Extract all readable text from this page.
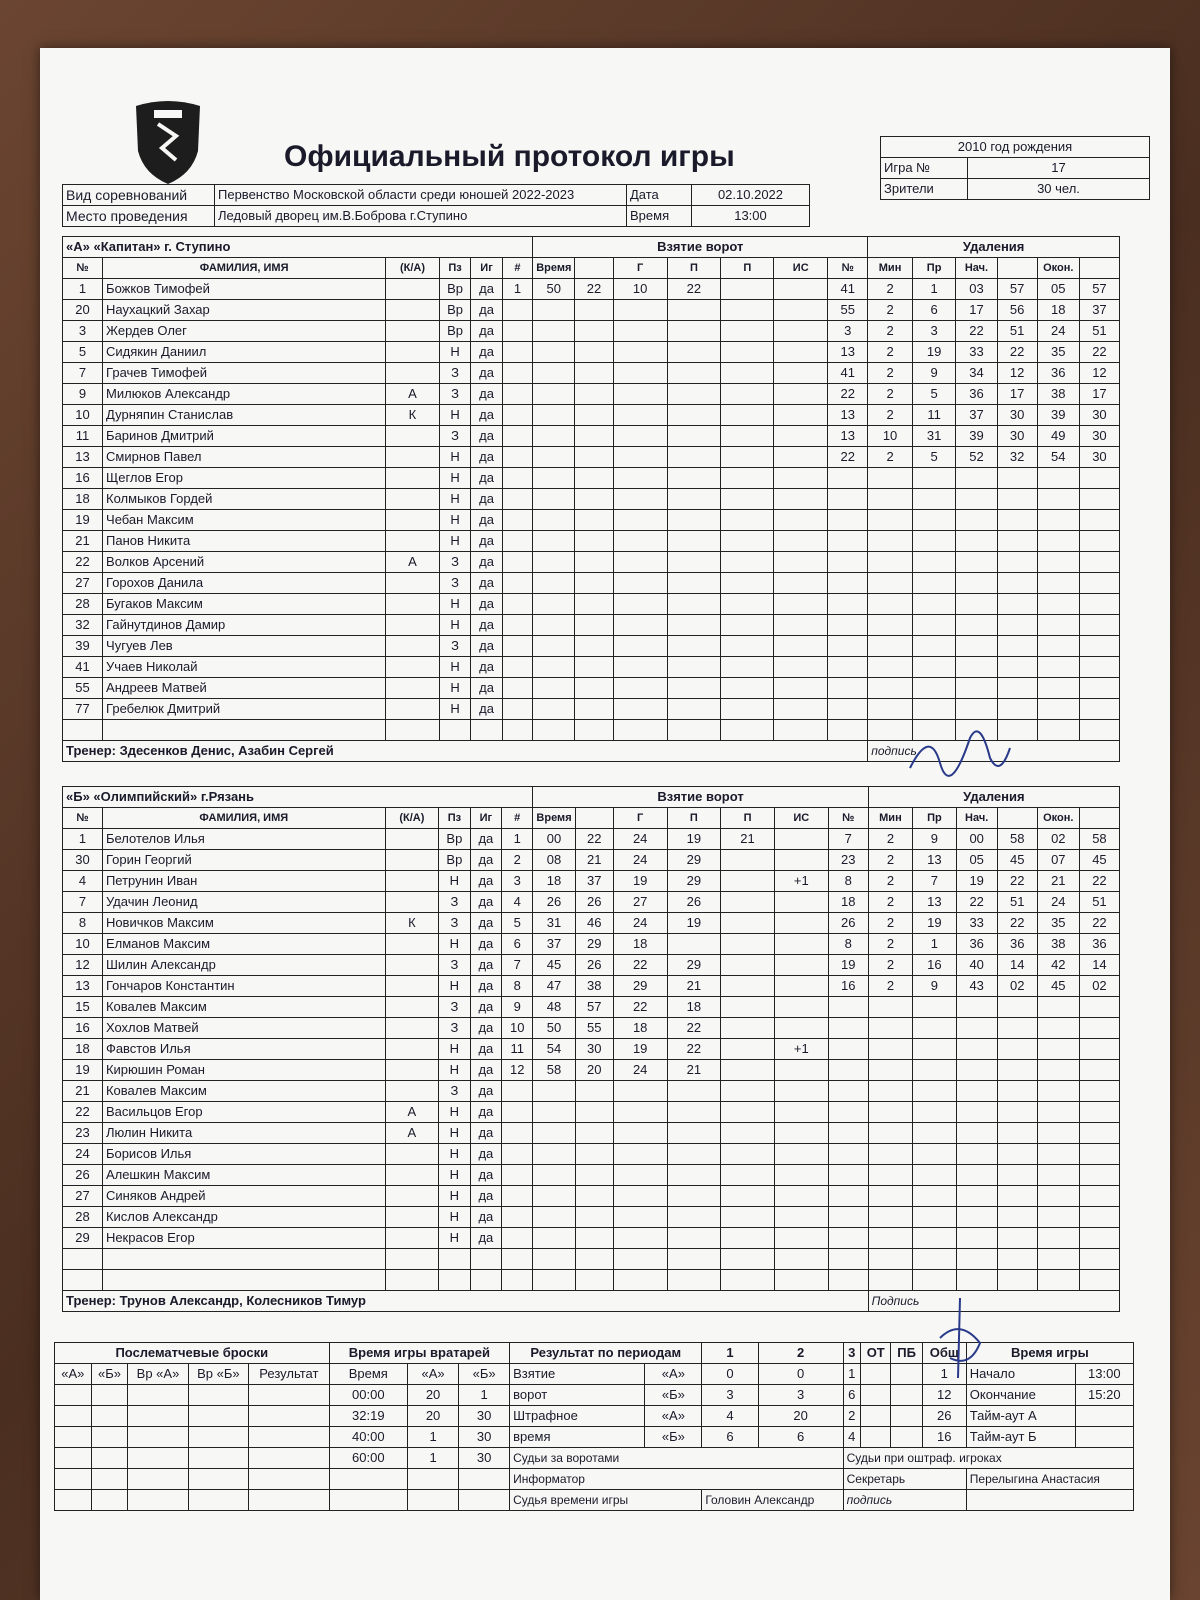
Официальный протокол игры	2010 год рождения	
Игра №	17
Зрители	30 чел.
Вид соревнований	Первенство Московской области среди юношей 2022-2023	Дата	02.10.2022
Место проведения	Ледовый дворец им.В.Боброва г.Ступино	Время	13:00
«А» «Капитан» г. Ступино						Взятие ворот							Удаления					
№	ФАМИЛИЯ, ИМЯ	(К/А)	Пз	Иг	#	Время		Г	П	П	ИС	№	Мин	Пр	Нач.		Окон.	
1	Божков Тимофей		Вр	да	1	50	22	10	22			41	2	1	03	57	05	57
20	Наухацкий Захар		Вр	да								55	2	6	17	56	18	37
3	Жердев Олег		Вр	да								3	2	3	22	51	24	51
5	Сидякин Даниил		Н	да								13	2	19	33	22	35	22
7	Грачев Тимофей		З	да								41	2	9	34	12	36	12
9	Милюков Александр	А	З	да								22	2	5	36	17	38	17
10	Дурняпин Станислав	К	Н	да								13	2	11	37	30	39	30
11	Баринов Дмитрий		З	да								13	10	31	39	30	49	30
13	Смирнов Павел		Н	да								22	2	5	52	32	54	30
16	Щеглов Егор		Н	да														
18	Колмыков Гордей		Н	да														
19	Чебан Максим		Н	да														
21	Панов Никита		Н	да														
22	Волков Арсений	А	З	да														
27	Горохов Данила		З	да														
28	Бугаков Максим		Н	да														
32	Гайнутдинов Дамир		Н	да														
39	Чугуев Лев		З	да														
41	Учаев Николай		Н	да														
55	Андреев Матвей		Н	да														
77	Гребелюк Дмитрий		Н	да														

Тренер: Здесенков Денис, Азабин Сергей													подпись					
«Б» «Олимпийский» г.Рязань						Взятие ворот							Удаления					
№	ФАМИЛИЯ, ИМЯ	(К/А)	Пз	Иг	#	Время		Г	П	П	ИС	№	Мин	Пр	Нач.		Окон.	
1	Белотелов Илья		Вр	да	1	00	22	24	19	21		7	2	9	00	58	02	58
30	Горин Георгий		Вр	да	2	08	21	24	29			23	2	13	05	45	07	45
4	Петрунин Иван		Н	да	3	18	37	19	29		+1	8	2	7	19	22	21	22
7	Удачин Леонид		З	да	4	26	26	27	26			18	2	13	22	51	24	51
8	Новичков Максим	К	З	да	5	31	46	24	19			26	2	19	33	22	35	22
10	Елманов Максим		Н	да	6	37	29	18				8	2	1	36	36	38	36
12	Шилин Александр		З	да	7	45	26	22	29			19	2	16	40	14	42	14
13	Гончаров Константин		Н	да	8	47	38	29	21			16	2	9	43	02	45	02
15	Ковалев Максим		З	да	9	48	57	22	18									
16	Хохлов Матвей		З	да	10	50	55	18	22									
18	Фавстов Илья		Н	да	11	54	30	19	22		+1							
19	Кирюшин Роман		Н	да	12	58	20	24	21									
21	Ковалев Максим		З	да														
22	Васильцов Егор	А	Н	да														
23	Люлин Никита	А	Н	да														
24	Борисов Илья		Н	да														
26	Алешкин Максим		Н	да														
27	Синяков Андрей		Н	да														
28	Кислов Александр		Н	да														
29	Некрасов Егор		Н	да														

Тренер: Трунов Александр, Колесников Тимур													Подпись					
Послематчевые броски					Время игры вратарей			Результат по периодам		1	2	3	ОТ	ПБ	Общ	Время игры	
«А»	«Б»	Вр «А»	Вр «Б»	Результат	Время	«А»	«Б»	Взятие	«А»	0	0	1			1	Начало	13:00
					00:00	20	1	ворот	«Б»	3	3	6			12	Окончание	15:20
					32:19	20	30	Штрафное	«А»	4	20	2			26	Тайм-аут А	
					40:00	1	30	время	«Б»	6	6	4			16	Тайм-аут Б	
					60:00	1	30	Судьи за воротами				Судьи при оштраф. игроках					
								Информатор				Секретарь				Перелыгина Анастасия	
								Судья времени игры		Головин Александр		подпись					
